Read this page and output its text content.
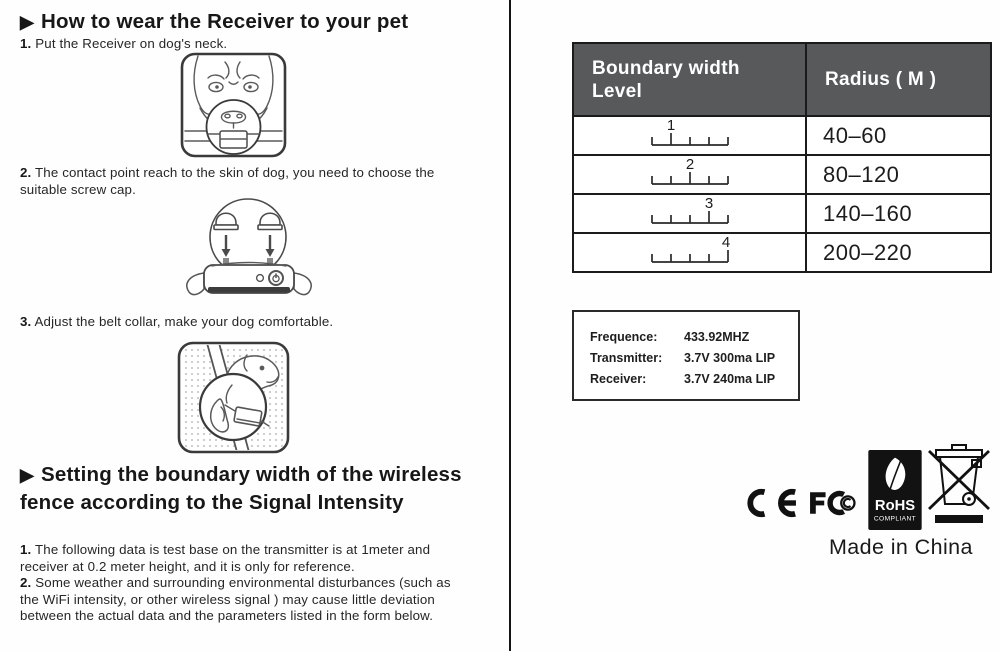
▶ How to wear the Receiver to your pet

1. Put the Receiver on dog's neck.

2. The contact point reach to the skin of dog, you need to choose the suitable screw cap.

3. Adjust the belt collar, make your dog comfortable.

▶ Setting the boundary width of the wireless fence according to the Signal Intensity

1. The following data is test base on the transmitter is at 1meter and receiver at 0.2 meter height, and it is only for reference.

2. Some weather and surrounding environmental disturbances (such as the WiFi intensity, or other wireless signal ) may cause little deviation between the actual data and the parameters listed in the form below.

Boundary width Level	Radius ( M )

1	40–60

2	80–120

3	140–160

4	200–220
Frequence:	433.92MHZ
Transmitter:	3.7V 300ma LIP
Receiver:	3.7V 240ma LIP
RoHS
COMPLIANT
Made in China
